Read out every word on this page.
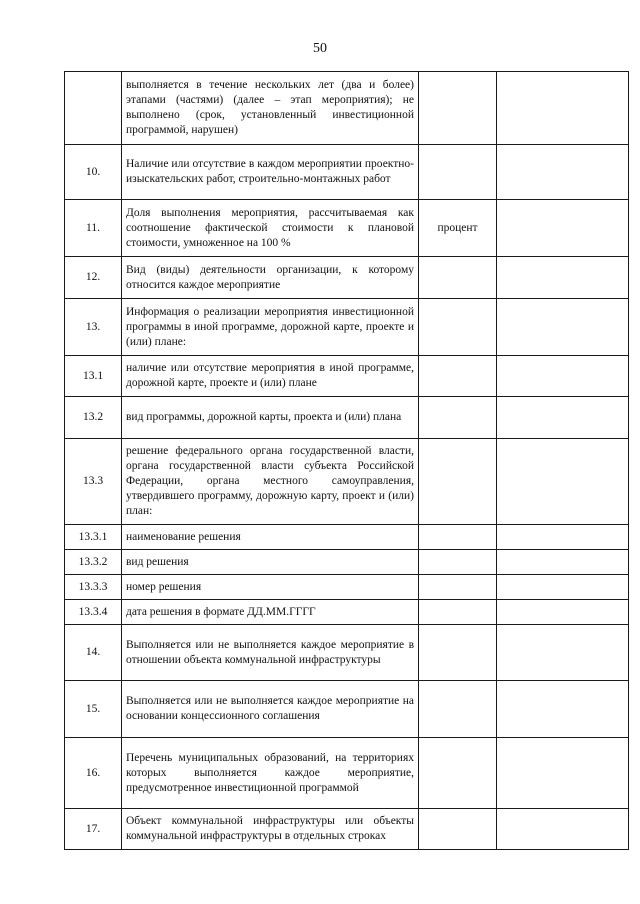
50
	выполняется в течение нескольких лет (два и более) этапами (частями) (далее – этап мероприятия); не выполнено (срок, установленный инвестиционной программой, нарушен)		
10.	Наличие или отсутствие в каждом мероприятии проектно-изыскательских работ, строительно-монтажных работ		
11.	Доля выполнения мероприятия, рассчитываемая как соотношение фактической стоимости к плановой стоимости, умноженное на 100 %	процент	
12.	Вид (виды) деятельности организации, к которому относится каждое мероприятие		
13.	Информация о реализации мероприятия инвестиционной программы в иной программе, дорожной карте, проекте и (или) плане:		
13.1	наличие или отсутствие мероприятия в иной программе, дорожной карте, проекте и (или) плане		
13.2	вид программы, дорожной карты, проекта и (или) плана		
13.3	решение федерального органа государственной власти, органа государственной власти субъекта Российской Федерации, органа местного самоуправления, утвердившего программу, дорожную карту, проект и (или) план:		
13.3.1	наименование решения		
13.3.2	вид решения		
13.3.3	номер решения		
13.3.4	дата решения в формате ДД.ММ.ГГГГ		
14.	Выполняется или не выполняется каждое мероприятие в отношении объекта коммунальной инфраструктуры		
15.	Выполняется или не выполняется каждое мероприятие на основании концессионного соглашения		
16.	Перечень муниципальных образований, на территориях которых выполняется каждое мероприятие, предусмотренное инвестиционной программой		
17.	Объект коммунальной инфраструктуры или объекты коммунальной инфраструктуры в отдельных строках		
